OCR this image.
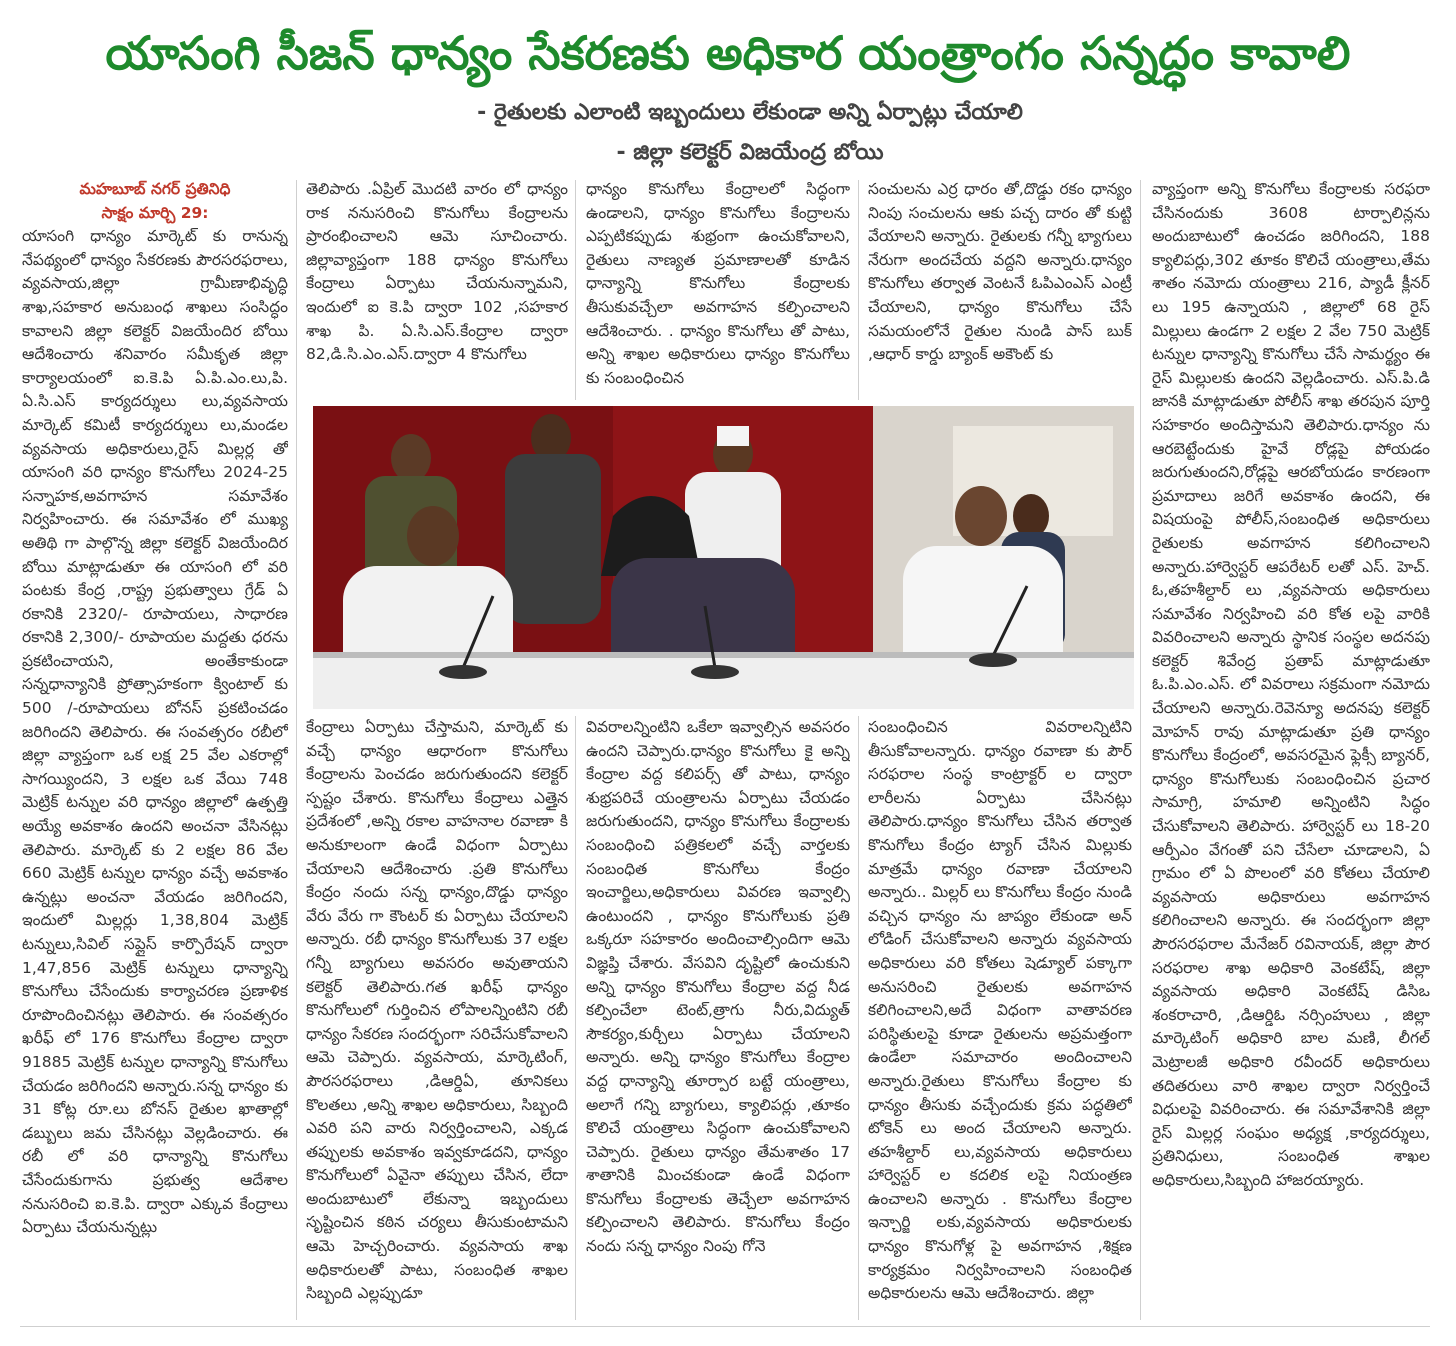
యాసంగి సీజన్ ధాన్యం సేకరణకు అధికార యంత్రాంగం సన్నద్ధం కావాలి

- రైతులకు ఎలాంటి ఇబ్బందులు లేకుండా అన్ని ఏర్పాట్లు చేయాలి

- జిల్లా కలెక్టర్ విజయేంద్ర బోయి

మహబూబ్ నగర్ ప్రతినిధి

సాక్షం మార్చి 29:

యాసంగి ధాన్యం మార్కెట్ కు రానున్న నేపథ్యంలో ధాన్యం సేకరణకు పౌరసరఫరాలు, వ్యవసాయ,జిల్లా గ్రామీణాభివృద్ధి శాఖ,సహకార అనుబంధ శాఖలు సంసిద్ధం కావాలని జిల్లా కలెక్టర్ విజయేందిర బోయి ఆదేశించారు శనివారం సమీకృత జిల్లా కార్యాలయంలో ఐ.కె.పి ఏ.పి.ఎం.లు,పి. ఏ.సి.ఎస్ కార్యదర్శులు లు,వ్యవసాయ మార్కెట్ కమిటీ కార్యదర్శులు లు,మండల వ్యవసాయ అధికారులు,రైస్ మిల్లర్ల తో యాసంగి వరి ధాన్యం కొనుగోలు 2024-25 సన్నాహక,అవగాహన సమావేశం నిర్వహించారు. ఈ సమావేశం లో ముఖ్య అతిథి గా పాల్గొన్న జిల్లా కలెక్టర్ విజయేందిర బోయి మాట్లాడుతూ ఈ యాసంగి లో వరి పంటకు కేంద్ర ,రాష్ట్ర ప్రభుత్వాలు గ్రేడ్ ఏ రకానికి 2320/- రూపాయలు, సాధారణ రకానికి 2,300/- రూపాయల మద్దతు ధరను ప్రకటించాయని, అంతేకాకుండా సన్నధాన్యానికి ప్రోత్సాహకంగా క్వింటాల్ కు 500 /-రూపాయలు బోనస్ ప్రకటించడం జరిగిందని తెలిపారు. ఈ సంవత్సరం రబీలో జిల్లా వ్యాప్తంగా ఒక లక్ష 25 వేల ఎకరాల్లో సాగయ్యిందని, 3 లక్షల ఒక వేయి 748 మెట్రిక్ టన్నుల వరి ధాన్యం జిల్లాలో ఉత్పత్తి అయ్యే అవకాశం ఉందని అంచనా వేసినట్లు తెలిపారు. మార్కెట్ కు 2 లక్షల 86 వేల 660 మెట్రిక్ టన్నుల ధాన్యం వచ్చే అవకాశం ఉన్నట్లు అంచనా వేయడం జరిగిందని, ఇందులో మిల్లర్లు 1,38,804 మెట్రిక్ టన్నులు,సివిల్ సప్లైస్ కార్పొరేషన్ ద్వారా 1,47,856 మెట్రిక్ టన్నులు ధాన్యాన్ని కొనుగోలు చేసేందుకు కార్యాచరణ ప్రణాళిక రూపొందించినట్లు తెలిపారు. ఈ సంవత్సరం ఖరీఫ్ లో 176 కొనుగోలు కేంద్రాల ద్వారా 91885 మెట్రిక్ టన్నుల ధాన్యాన్ని కొనుగోలు చేయడం జరిగిందని అన్నారు.సన్న ధాన్యం కు 31 కోట్ల రూ.లు బోనస్ రైతుల ఖాతాల్లో డబ్బులు జమ చేసినట్లు వెల్లడించారు. ఈ రబీ లో వరి ధాన్యాన్ని కొనుగోలు చేసేందుకుగాను ప్రభుత్వ ఆదేశాల ననుసరించి ఐ.కె.పి. ద్వారా ఎక్కువ కేంద్రాలు ఏర్పాటు చేయనున్నట్లు

తెలిపారు .ఏప్రిల్ మొదటి వారం లో ధాన్యం రాక ననుసరించి కొనుగోలు కేంద్రాలను ప్రారంభించాలని ఆమె సూచించారు. జిల్లావ్యాప్తంగా 188 ధాన్యం కొనుగోలు కేంద్రాలు ఏర్పాటు చేయనున్నామని, ఇందులో ఐ కె.పి ద్వారా 102 ,సహకార శాఖ పి. ఏ.సి.ఎస్.కేంద్రాల ద్వారా 82,డి.సి.ఎం.ఎస్.ద్వారా 4 కొనుగోలు

ధాన్యం కొనుగోలు కేంద్రాలలో సిద్ధంగా ఉండాలని, ధాన్యం కొనుగోలు కేంద్రాలను ఎప్పటికప్పుడు శుభ్రంగా ఉంచుకోవాలని, రైతులు నాణ్యత ప్రమాణాలతో కూడిన ధాన్యాన్ని కొనుగోలు కేంద్రాలకు తీసుకువచ్చేలా అవగాహన కల్పించాలని ఆదేశించారు. . ధాన్యం కొనుగోలు తో పాటు, అన్ని శాఖల అధికారులు ధాన్యం కొనుగోలు కు సంబంధించిన

సంచులను ఎర్ర ధారం తో,దొడ్డు రకం ధాన్యం నింపు సంచులను ఆకు పచ్చ దారం తో కుట్టి వేయాలని అన్నారు. రైతులకు గన్నీ భ్యాగులు నేరుగా అందచేయ వద్దని అన్నారు.ధాన్యం కొనుగోలు తర్వాత వెంటనే ఓపిఎంఎస్ ఎంట్రీ చేయాలని, ధాన్యం కొనుగోలు చేసే సమయంలోనే రైతుల నుండి పాస్ బుక్ ,ఆధార్ కార్డు బ్యాంక్ అకౌంట్ కు

కేంద్రాలు ఏర్పాటు చేస్తామని, మార్కెట్ కు వచ్చే ధాన్యం ఆధారంగా కొనుగోలు కేంద్రాలను పెంచడం జరుగుతుందని కలెక్టర్ స్పష్టం చేశారు. కొనుగోలు కేంద్రాలు ఎత్తైన ప్రదేశంలో ,అన్ని రకాల వాహనాల రవాణా కి అనుకూలంగా ఉండే విధంగా ఏర్పాటు చేయాలని ఆదేశించారు .ప్రతి కొనుగోలు కేంద్రం నందు సన్న ధాన్యం,దొడ్డు ధాన్యం వేరు వేరు గా కౌంటర్ కు ఏర్పాటు చేయాలని అన్నారు. రబీ ధాన్యం కొనుగోలుకు 37 లక్షల గన్నీ బ్యాగులు అవసరం అవుతాయని కలెక్టర్ తెలిపారు.గత ఖరీఫ్ ధాన్యం కొనుగోలులో గుర్తించిన లోపాలన్నింటిని రబీ ధాన్యం సేకరణ సందర్భంగా సరిచేసుకోవాలని ఆమె చెప్పారు. వ్యవసాయ, మార్కెటింగ్, పౌరసరఫరాలు ,డిఆర్డిఏ, తూనికలు కొలతలు ,అన్ని శాఖల అధికారులు, సిబ్బంది ఎవరి పని వారు నిర్వర్తించాలని, ఎక్కడ తప్పులకు అవకాశం ఇవ్వకూడదని, ధాన్యం కొనుగోలులో ఏవైనా తప్పులు చేసిన, లేదా అందుబాటులో లేకున్నా ఇబ్బందులు సృష్టించిన కఠిన చర్యలు తీసుకుంటామని ఆమె హెచ్చరించారు. వ్యవసాయ శాఖ అధికారులతో పాటు, సంబంధిత శాఖల సిబ్బంది ఎల్లప్పుడూ

వివరాలన్నింటిని ఒకేలా ఇవ్వాల్సిన అవసరం ఉందని చెప్పారు.ధాన్యం కొనుగోలు కై అన్ని కేంద్రాల వద్ద కలిపర్స్ తో పాటు, ధాన్యం శుభ్రపరిచే యంత్రాలను ఏర్పాటు చేయడం జరుగుతుందని, ధాన్యం కొనుగోలు కేంద్రాలకు సంబంధించి పత్రికలలో వచ్చే వార్తలకు సంబంధిత కొనుగోలు కేంద్రం ఇంచార్జిలు,అధికారులు వివరణ ఇవ్వాల్సి ఉంటుందని , ధాన్యం కొనుగోలుకు ప్రతి ఒక్కరూ సహకారం అందించాల్సిందిగా ఆమె విజ్ఞప్తి చేశారు. వేసవిని దృష్టిలో ఉంచుకుని అన్ని ధాన్యం కొనుగోలు కేంద్రాల వద్ద నీడ కల్పించేలా టెంట్,త్రాగు నీరు,విద్యుత్ సౌకర్యం,కుర్చీలు ఏర్పాటు చేయాలని అన్నారు. అన్ని ధాన్యం కొనుగోలు కేంద్రాల వద్ద ధాన్యాన్ని తూర్పార బట్టే యంత్రాలు, అలాగే గన్ని బ్యాగులు, క్యాలిపర్లు ,తూకం కొలిచే యంత్రాలు సిద్ధంగా ఉంచుకోవాలని చెప్పారు. రైతులు ధాన్యం తేమశాతం 17 శాతానికి మించకుండా ఉండే విధంగా కొనుగోలు కేంద్రాలకు తెచ్చేలా అవగాహన కల్పించాలని తెలిపారు. కొనుగోలు కేంద్రం నందు సన్న ధాన్యం నింపు గోనె

సంబంధించిన వివరాలన్నిటిని తీసుకోవాలన్నారు. ధాన్యం రవాణా కు పౌర్ సరఫరాల సంస్థ కాంట్రాక్టర్ ల ద్వారా లారీలను ఏర్పాటు చేసినట్లు తెలిపారు.ధాన్యం కొనుగోలు చేసిన తర్వాత కొనుగోలు కేంద్రం ట్యాగ్ చేసిన మిల్లుకు మాత్రమే ధాన్యం రవాణా చేయాలని అన్నారు.. మిల్లర్ లు కొనుగోలు కేంద్రం నుండి వచ్చిన ధాన్యం ను జాప్యం లేకుండా అన్ లోడింగ్ చేసుకోవాలని అన్నారు వ్యవసాయ అధికారులు వరి కోతలు షెడ్యూల్ పక్కాగా అనుసరించి రైతులకు అవగాహన కలిగించాలని,అదే విధంగా వాతావరణ పరిస్థితులపై కూడా రైతులను అప్రమత్తంగా ఉండేలా సమాచారం అందించాలని అన్నారు.రైతులు కొనుగోలు కేంద్రాల కు ధాన్యం తీసుకు వచ్చేందుకు క్రమ పద్ధతిలో టోకెన్ లు అంద చేయాలని అన్నారు. తహశీల్దార్ లు,వ్యవసాయ అధికారులు హార్వెస్టర్ ల కదలిక లపై నియంత్రణ ఉంచాలని అన్నారు . కొనుగోలు కేంద్రాల ఇన్చార్జి లకు,వ్యవసాయ అధికారులకు ధాన్యం కొనుగోళ్ల పై అవగాహన ,శిక్షణ కార్యక్రమం నిర్వహించాలని సంబంధిత అధికారులను ఆమె ఆదేశించారు. జిల్లా

వ్యాప్తంగా అన్ని కొనుగోలు కేంద్రాలకు సరఫరా చేసినందుకు 3608 టార్పాలిన్లను అందుబాటులో ఉంచడం జరిగిందని, 188 క్యాలిపర్లు,302 తూకం కొలిచే యంత్రాలు,తేమ శాతం నమోదు యంత్రాలు 216, ప్యాడీ క్లీనర్ లు 195 ఉన్నాయని , జిల్లాలో 68 రైస్ మిల్లులు ఉండగా 2 లక్షల 2 వేల 750 మెట్రిక్ టన్నుల ధాన్యాన్ని కొనుగోలు చేసే సామర్థ్యం ఈ రైస్ మిల్లులకు ఉందని వెల్లడించారు. ఎస్.పి.డి జానకి మాట్లాడుతూ పోలీస్ శాఖ తరపున పూర్తి సహకారం అందిస్తామని తెలిపారు.ధాన్యం ను ఆరబెట్టేందుకు హైవే రోడ్లపై పోయడం జరుగుతుందని,రోడ్లపై ఆరబోయడం కారణంగా ప్రమాదాలు జరిగే అవకాశం ఉందని, ఈ విషయంపై పోలీస్,సంబంధిత అధికారులు రైతులకు అవగాహన కలిగించాలని అన్నారు.హార్వెస్టర్ ఆపరేటర్ లతో ఎస్. హెచ్. ఓ,తహశీల్దార్ లు ,వ్యవసాయ అధికారులు సమావేశం నిర్వహించి వరి కోత లపై వారికి వివరించాలని అన్నారు స్థానిక సంస్థల అదనపు కలెక్టర్ శివేంద్ర ప్రతాప్ మాట్లాడుతూ ఓ.పి.ఎం.ఎస్. లో వివరాలు సక్రమంగా నమోదు చేయాలని అన్నారు.రెవెన్యూ అదనపు కలెక్టర్ మోహన్ రావు మాట్లాడుతూ ప్రతి ధాన్యం కొనుగోలు కేంద్రంలో, అవసరమైన ఫ్లెక్సీ బ్యానర్, ధాన్యం కొనుగోలుకు సంబంధించిన ప్రచార సామాగ్రి, హమాలి అన్నింటిని సిద్ధం చేసుకోవాలని తెలిపారు. హార్వెస్టర్ లు 18-20 ఆర్పీఎం వేగంతో పని చేసేలా చూడాలని, ఏ గ్రామం లో ఏ పొలంలో వరి కోతలు చేయాలి వ్యవసాయ అధికారులు అవగాహన కలిగించాలని అన్నారు. ఈ సందర్భంగా జిల్లా పౌరసరఫరాల మేనేజర్ రవినాయక్, జిల్లా పౌర సరఫరాల శాఖ అధికారి వెంకటేష్, జిల్లా వ్యవసాయ అధికారి వెంకటేష్ డిసిఒ శంకరాచారి, ,డిఆర్డిఓ నర్సింహులు , జిల్లా మార్కెటింగ్ అధికారి బాల మణి, లీగల్ మెట్రాలజీ అధికారి రవీందర్ అధికారులు తదితరులు వారి శాఖల ద్వారా నిర్వర్తించే విధులపై వివరించారు. ఈ సమావేశానికి జిల్లా రైస్ మిల్లర్ల సంఘం అధ్యక్ష ,కార్యదర్శులు, ప్రతినిధులు, సంబంధిత శాఖల అధికారులు,సిబ్బంది హాజరయ్యారు.
